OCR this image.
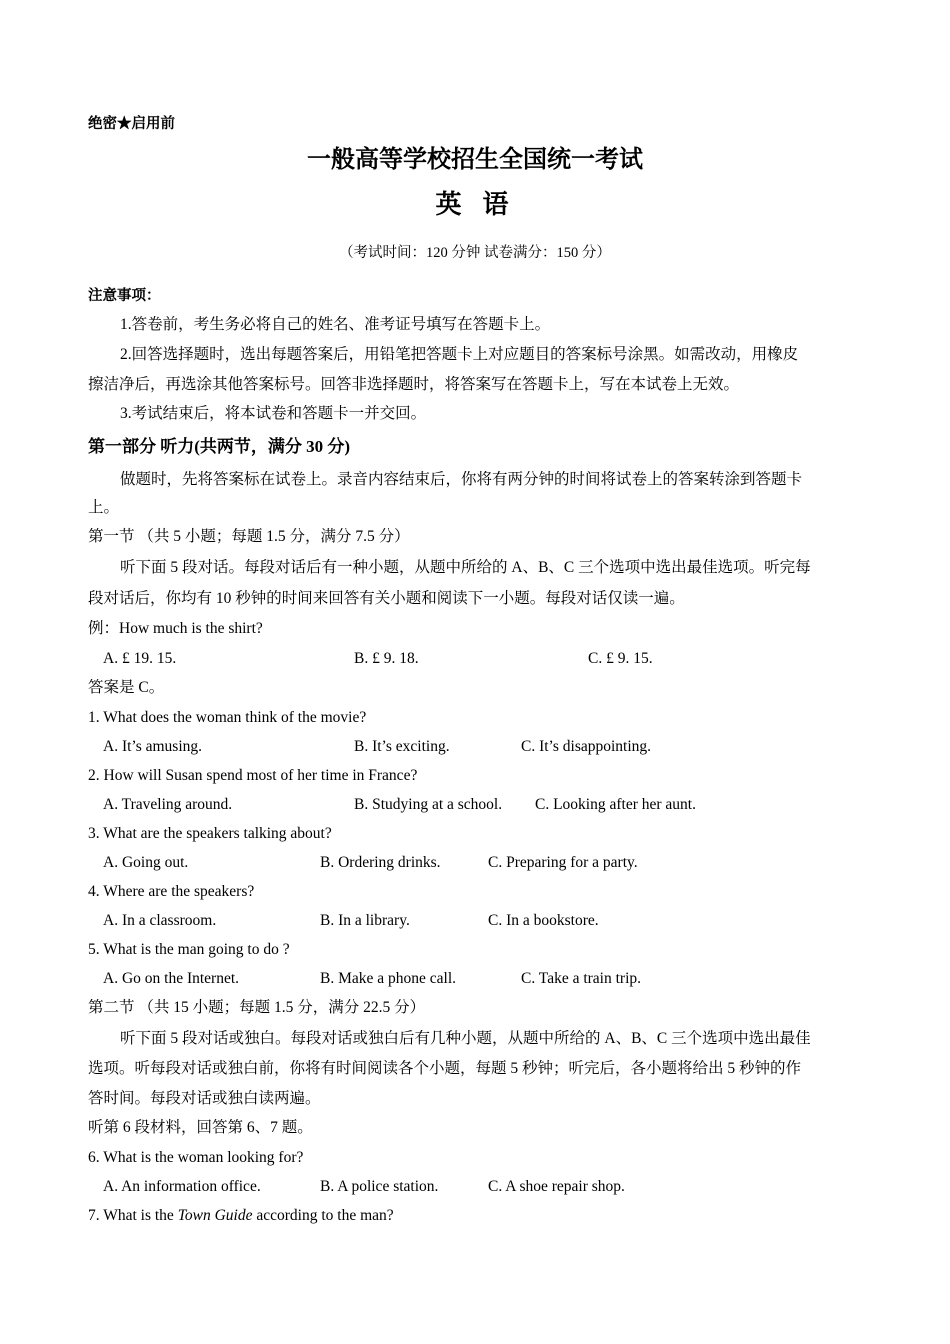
绝密★启用前
一般高等学校招生全国统一考试
英 语
（考试时间：120 分钟 试卷满分：150 分）
注意事项：
1.答卷前，考生务必将自己的姓名、准考证号填写在答题卡上。
2.回答选择题时，选出每题答案后，用铅笔把答题卡上对应题目的答案标号涂黑。如需改动，用橡皮
擦洁净后，再选涂其他答案标号。回答非选择题时，将答案写在答题卡上，写在本试卷上无效。
3.考试结束后，将本试卷和答题卡一并交回。
第一部分 听力(共两节，满分 30 分)
做题时，先将答案标在试卷上。录音内容结束后，你将有两分钟的时间将试卷上的答案转涂到答题卡
上。
第一节 （共 5 小题；每题 1.5 分，满分 7.5 分）
听下面 5 段对话。每段对话后有一种小题，从题中所给的 A、B、C 三个选项中选出最佳选项。听完每
段对话后，你均有 10 秒钟的时间来回答有关小题和阅读下一小题。每段对话仅读一遍。
例：How much is the shirt?
A. £ 19. 15.	B. £ 9. 18.	C. £ 9. 15.
答案是 C。
1. What does the woman think of the movie?
A. It’s amusing.	B. It’s exciting.	C. It’s disappointing.
2. How will Susan spend most of her time in France?
A. Traveling around.	B. Studying at a school. C. Looking after her aunt.
3. What are the speakers talking about?
A. Going out.	B. Ordering drinks.	C. Preparing for a party.
4. Where are the speakers?
A. In a classroom.	B. In a library.	C. In a bookstore.
5. What is the man going to do ?
A. Go on the Internet.	B. Make a phone call.	C. Take a train trip.
第二节 （共 15 小题；每题 1.5 分，满分 22.5 分）
听下面 5 段对话或独白。每段对话或独白后有几种小题，从题中所给的 A、B、C 三个选项中选出最佳
选项。听每段对话或独白前，你将有时间阅读各个小题，每题 5 秒钟；听完后，各小题将给出 5 秒钟的作
答时间。每段对话或独白读两遍。
听第 6 段材料，回答第 6、7 题。
6. What is the woman looking for?
A. An information office.	B. A police station.	C. A shoe repair shop.
7. What is the Town Guide according to the man?
